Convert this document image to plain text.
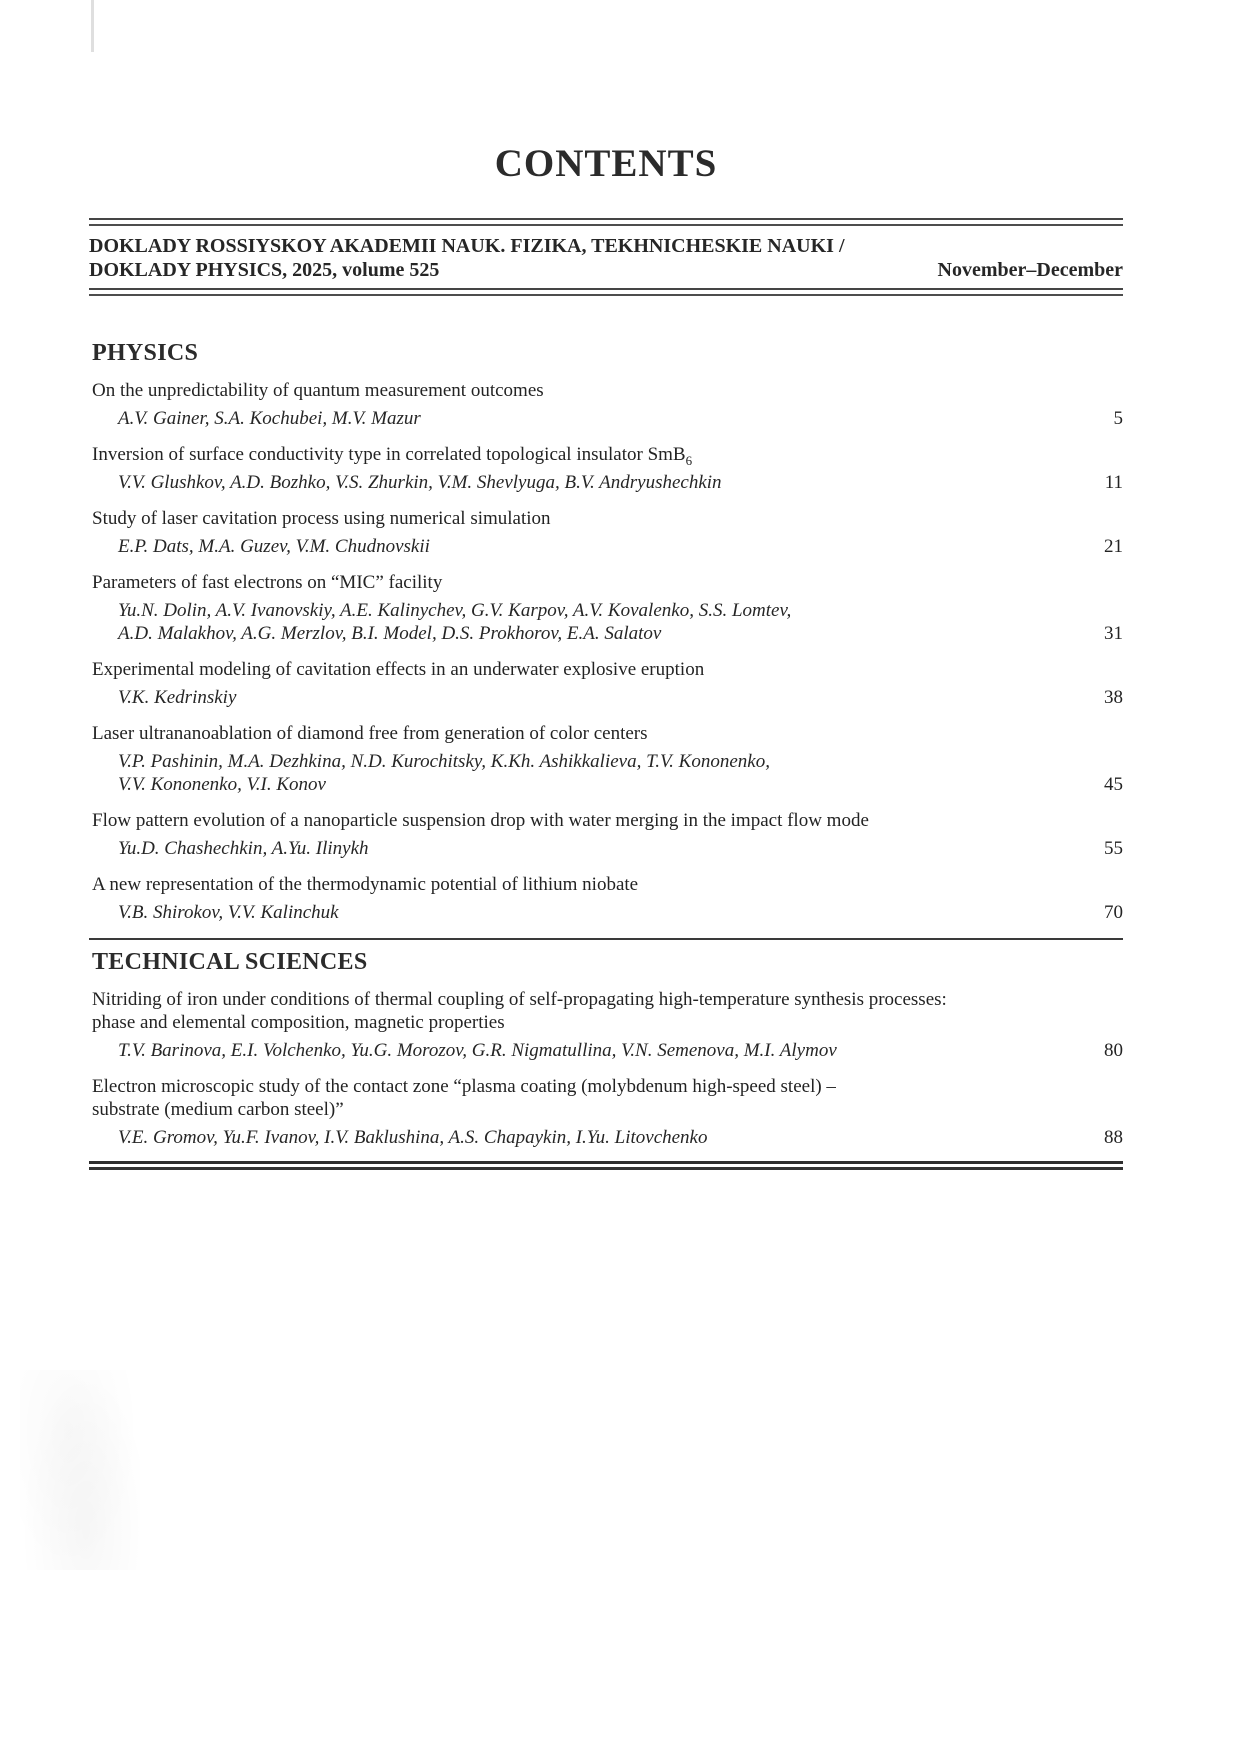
CONTENTS
DOKLADY ROSSIYSKOY AKADEMII NAUK. FIZIKA, TEKHNICHESKIE NAUKI /
DOKLADY PHYSICS, 2025, volume 525	November–December
PHYSICS
On the unpredictability of quantum measurement outcomes
A.V. Gainer, S.A. Kochubei, M.V. Mazur	5
Inversion of surface conductivity type in correlated topological insulator SmB$_6$
V.V. Glushkov, A.D. Bozhko, V.S. Zhurkin, V.M. Shevlyuga, B.V. Andryushechkin	11
Study of laser cavitation process using numerical simulation
E.P. Dats, M.A. Guzev, V.M. Chudnovskii	21
Parameters of fast electrons on “MIC” facility
Yu.N. Dolin, A.V. Ivanovskiy, A.E. Kalinychev, G.V. Karpov, A.V. Kovalenko, S.S. Lomtev,
A.D. Malakhov, A.G. Merzlov, B.I. Model, D.S. Prokhorov, E.A. Salatov	31
Experimental modeling of cavitation effects in an underwater explosive eruption
V.K. Kedrinskiy	38
Laser ultrananoablation of diamond free from generation of color centers
V.P. Pashinin, M.A. Dezhkina, N.D. Kurochitsky, K.Kh. Ashikkalieva, T.V. Kononenko,
V.V. Kononenko, V.I. Konov	45
Flow pattern evolution of a nanoparticle suspension drop with water merging in the impact flow mode
Yu.D. Chashechkin, A.Yu. Ilinykh	55
A new representation of the thermodynamic potential of lithium niobate
V.B. Shirokov, V.V. Kalinchuk	70
TECHNICAL SCIENCES
Nitriding of iron under conditions of thermal coupling of self-propagating high-temperature synthesis processes:
phase and elemental composition, magnetic properties
T.V. Barinova, E.I. Volchenko, Yu.G. Morozov, G.R. Nigmatullina, V.N. Semenova, M.I. Alymov	80
Electron microscopic study of the contact zone “plasma coating (molybdenum high-speed steel) –
substrate (medium carbon steel)”
V.E. Gromov, Yu.F. Ivanov, I.V. Baklushina, A.S. Chapaykin, I.Yu. Litovchenko	88
